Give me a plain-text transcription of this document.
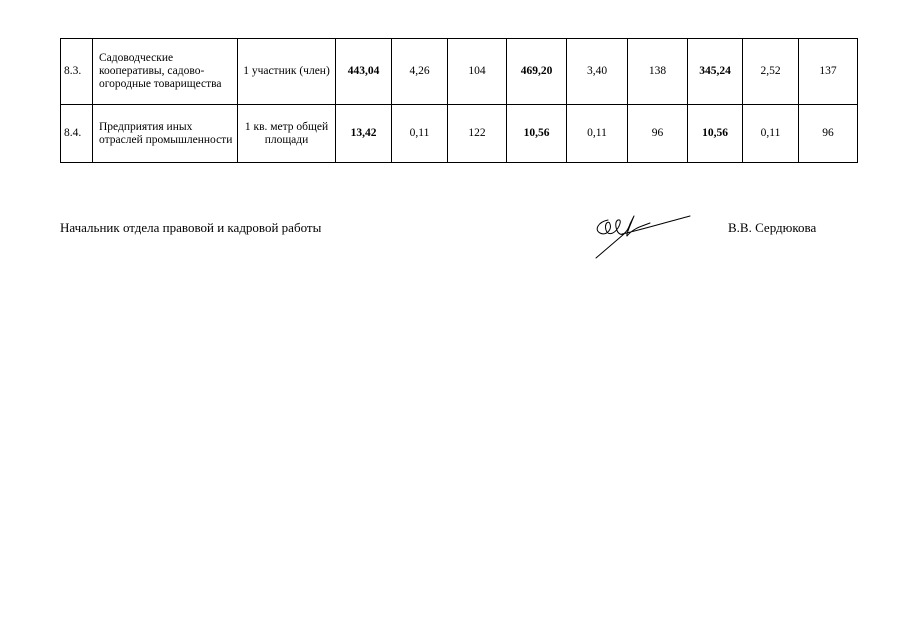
8.3.	Садоводческие кооперативы, садово-огородные товарищества	1 участник (член)	443,04	4,26	104	469,20	3,40	138	345,24	2,52	137
8.4.	Предприятия иных отраслей промышленности	1 кв. метр общей площади	13,42	0,11	122	10,56	0,11	96	10,56	0,11	96
Начальник отдела правовой и кадровой работы	В.В. Сердюкова
